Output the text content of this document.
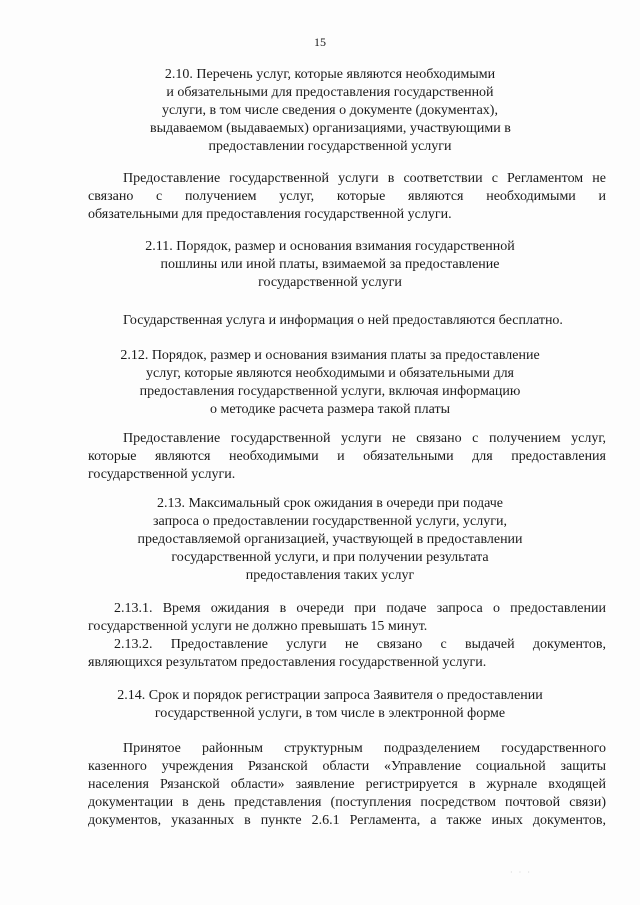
15
2.10. Перечень услуг, которые являются необходимыми
и обязательными для предоставления государственной
услуги, в том числе сведения о документе (документах),
выдаваемом (выдаваемых) организациями, участвующими в
предоставлении государственной услуги
Предоставление государственной услуги в соответствии с Регламентом не
связано с получением услуг, которые являются необходимыми и
обязательными для предоставления государственной услуги.
2.11. Порядок, размер и основания взимания государственной
пошлины или иной платы, взимаемой за предоставление
государственной услуги
Государственная услуга и информация о ней предоставляются бесплатно.
2.12. Порядок, размер и основания взимания платы за предоставление
услуг, которые являются необходимыми и обязательными для
предоставления государственной услуги, включая информацию
о методике расчета размера такой платы
Предоставление государственной услуги не связано с получением услуг,
которые являются необходимыми и обязательными для предоставления
государственной услуги.
2.13. Максимальный срок ожидания в очереди при подаче
запроса о предоставлении государственной услуги, услуги,
предоставляемой организацией, участвующей в предоставлении
государственной услуги, и при получении результата
предоставления таких услуг
2.13.1. Время ожидания в очереди при подаче запроса о предоставлении
государственной услуги не должно превышать 15 минут.
2.13.2. Предоставление услуги не связано с выдачей документов,
являющихся результатом предоставления государственной услуги.
2.14. Срок и порядок регистрации запроса Заявителя о предоставлении
государственной услуги, в том числе в электронной форме
Принятое районным структурным подразделением государственного
казенного учреждения Рязанской области «Управление социальной защиты
населения Рязанской области» заявление регистрируется в журнале входящей
документации в день представления (поступления посредством почтовой связи)
документов, указанных в пункте 2.6.1 Регламента, а также иных документов,
· · ·
